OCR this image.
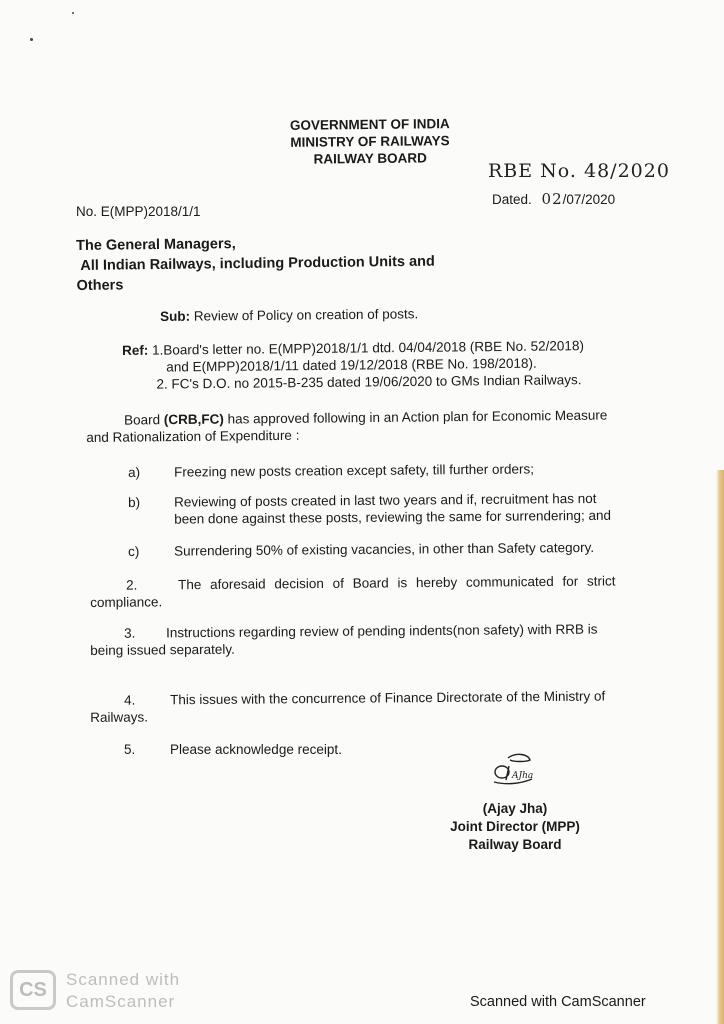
GOVERNMENT OF INDIA
MINISTRY OF RAILWAYS
RAILWAY BOARD
RBE No. 48/2020
Dated. 02/07/2020
No. E(MPP)2018/1/1
The General Managers,
All Indian Railways, including Production Units and
Others
Sub: Review of Policy on creation of posts.
Ref: 1.Board's letter no. E(MPP)2018/1/1 dtd. 04/04/2018 (RBE No. 52/2018)
and E(MPP)2018/1/11 dated 19/12/2018 (RBE No. 198/2018).
2. FC's D.O. no 2015-B-235 dated 19/06/2020 to GMs Indian Railways.
Board (CRB,FC) has approved following in an Action plan for Economic Measure
and Rationalization of Expenditure :
a)	Freezing new posts creation except safety, till further orders;
b)	Reviewing of posts created in last two years and if, recruitment has not
been done against these posts, reviewing the same for surrendering; and
c)	Surrendering 50% of existing vacancies, in other than Safety category.
2.	The aforesaid decision of Board is hereby communicated for strict
compliance.
3. Instructions regarding review of pending indents(non safety) with RRB is
being issued separately.
4.	This issues with the concurrence of Finance Directorate of the Ministry of
Railways.
5.	Please acknowledge receipt.
AJha
(Ajay Jha)
Joint Director (MPP)
Railway Board
CS	Scanned with
CamScanner	Scanned with CamScanner
